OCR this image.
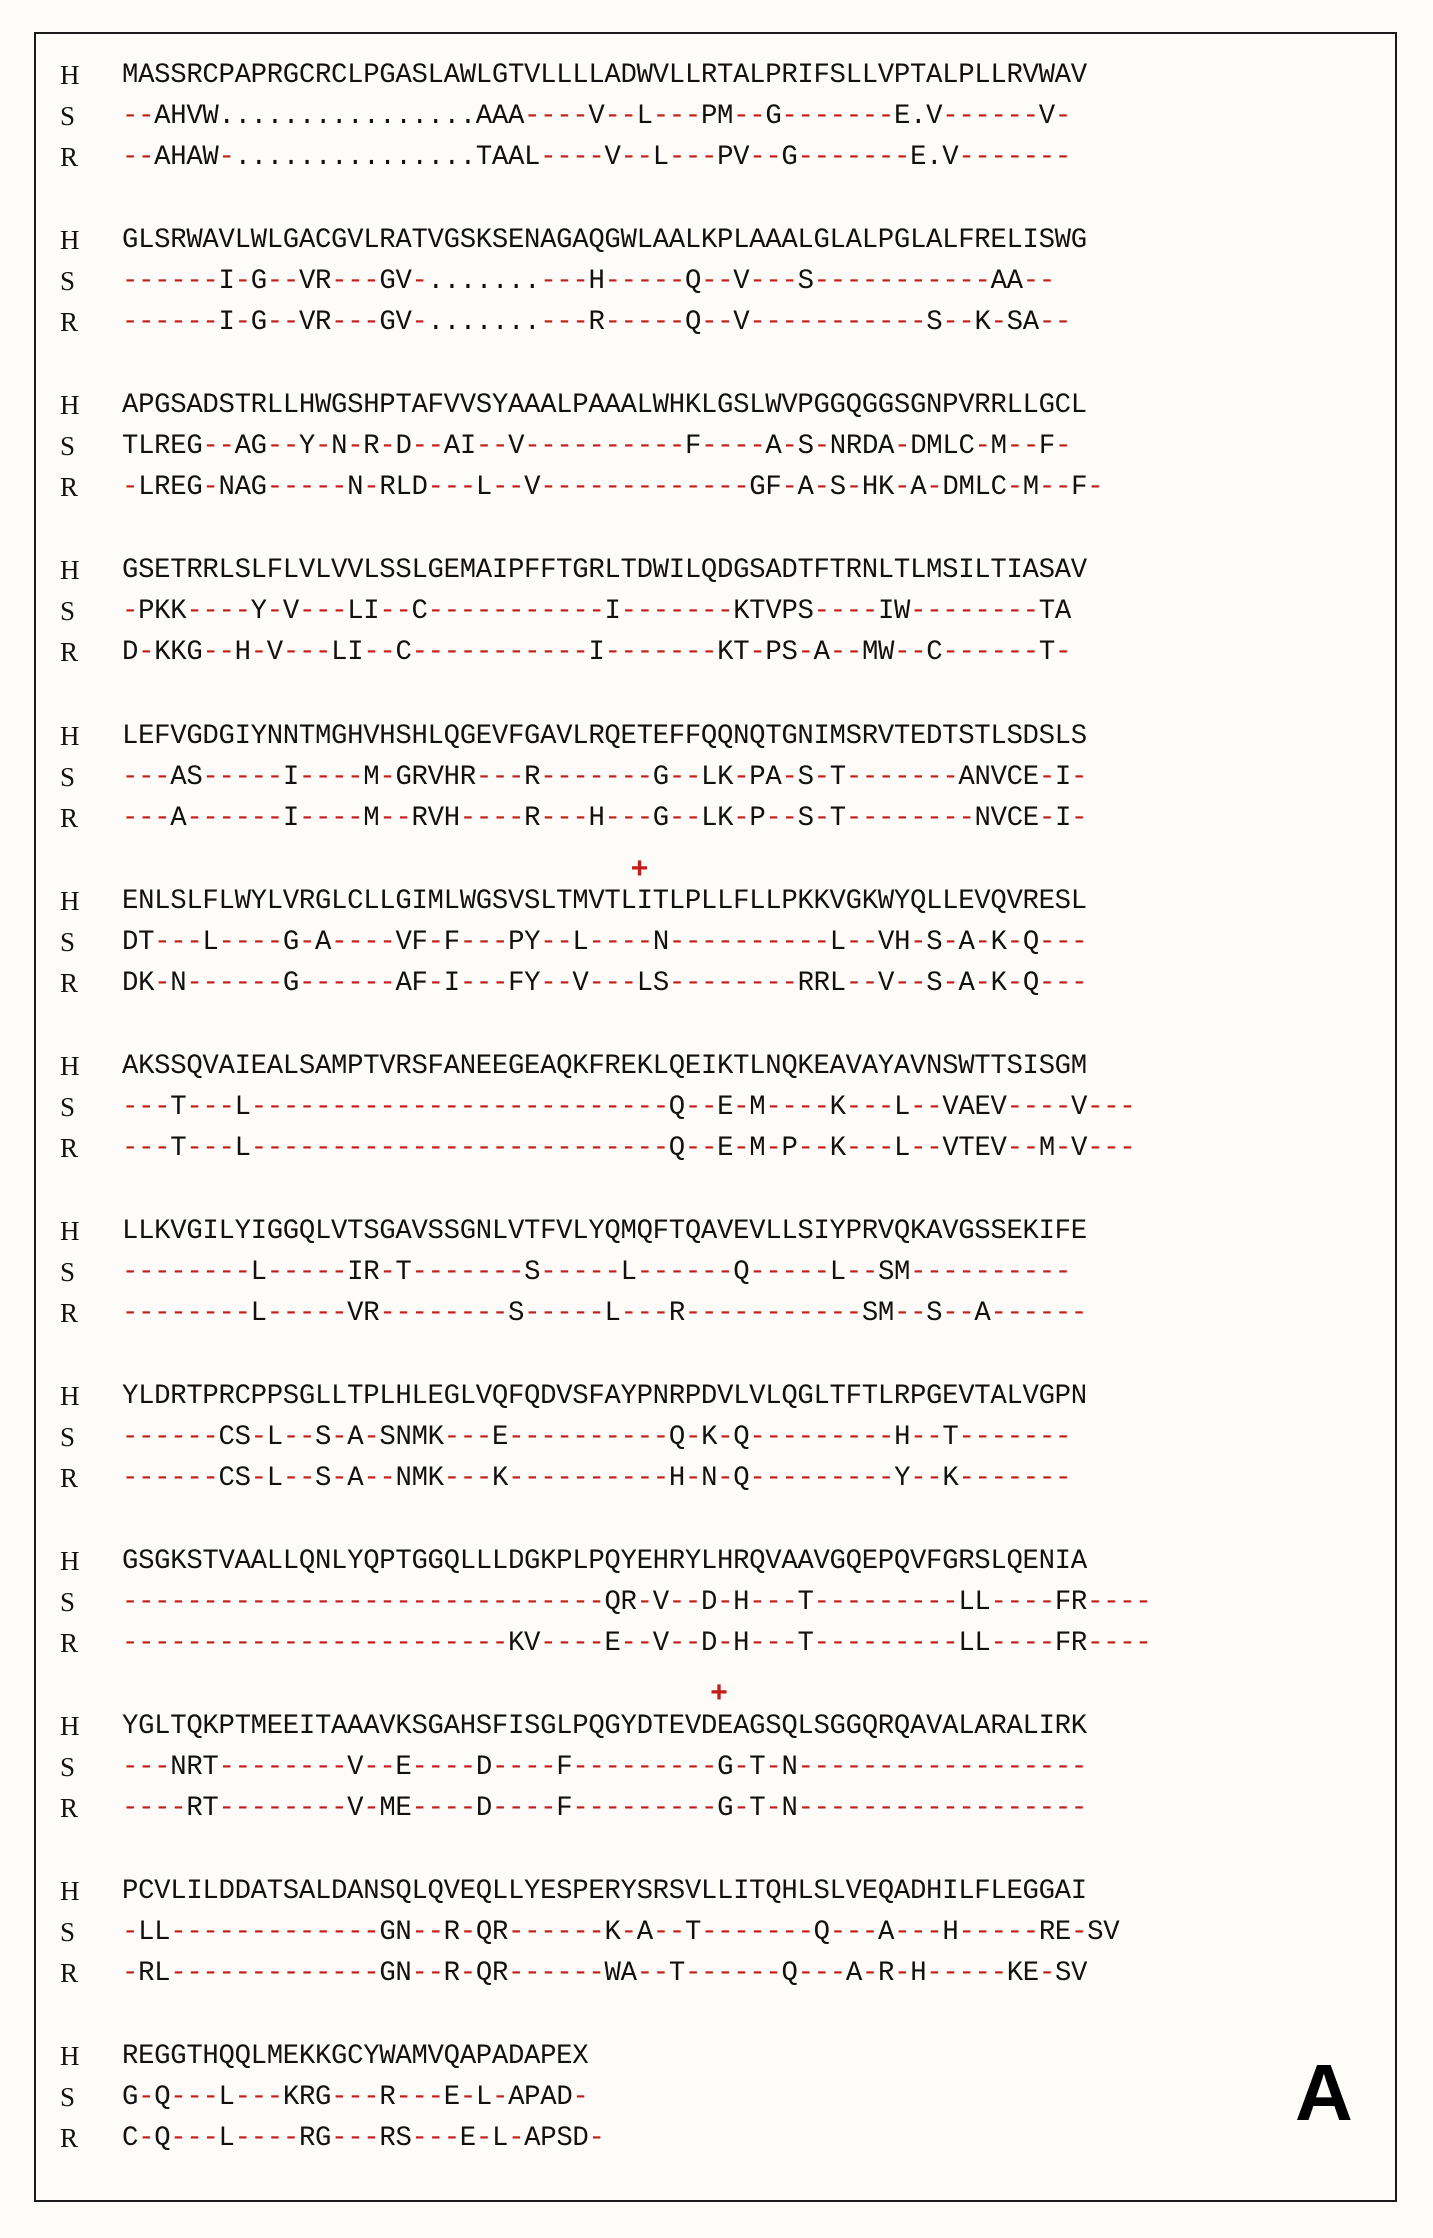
H	MASSRCPAPRGCRCLPGASLAWLGTVLLLLADWVLLRTALPRIFSLLVPTALPLLRVWAV
S	--AHVW................AAA----V--L---PM--G-------E.V------V-
R	--AHAW-...............TAAL----V--L---PV--G-------E.V-------
H	GLSRWAVLWLGACGVLRATVGSKSENAGAQGWLAALKPLAAALGLALPGLALFRELISWG
S	------I-G--VR---GV-.......---H-----Q--V---S-----------AA--
R	------I-G--VR---GV-.......---R-----Q--V-----------S--K-SA--
H	APGSADSTRLLHWGSHPTAFVVSYAAALPAAALWHKLGSLWVPGGQGGSGNPVRRLLGCL
S	TLREG--AG--Y-N-R-D--AI--V----------F----A-S-NRDA-DMLC-M--F-
R	-LREG-NAG-----N-RLD---L--V-------------GF-A-S-HK-A-DMLC-M--F-
H	GSETRRLSLFLVLVVLSSLGEMAIPFFTGRLTDWILQDGSADTFTRNLTLMSILTIASAV
S	-PKK----Y-V---LI--C-----------I-------KTVPS----IW--------TA
R	D-KKG--H-V---LI--C-----------I-------KT-PS-A--MW--C------T-
H	LEFVGDGIYNNTMGHVHSHLQGEVFGAVLRQETEFFQQNQTGNIMSRVTEDTSTLSDSLS
S	---AS-----I----M-GRVHR---R-------G--LK-PA-S-T-------ANVCE-I-
R	---A------I----M--RVH----R---H---G--LK-P--S-T--------NVCE-I-
+
H	ENLSLFLWYLVRGLCLLGIMLWGSVSLTMVTLITLPLLFLLPKKVGKWYQLLEVQVRESL
S	DT---L----G-A----VF-F---PY--L----N----------L--VH-S-A-K-Q---
R	DK-N------G------AF-I---FY--V---LS--------RRL--V--S-A-K-Q---
H	AKSSQVAIEALSAMPTVRSFANEEGEAQKFREKLQEIKTLNQKEAVAYAVNSWTTSISGM
S	---T---L--------------------------Q--E-M----K---L--VAEV----V---
R	---T---L--------------------------Q--E-M-P--K---L--VTEV--M-V---
H	LLKVGILYIGGQLVTSGAVSSGNLVTFVLYQMQFTQAVEVLLSIYPRVQKAVGSSEKIFE
S	--------L-----IR-T-------S-----L------Q-----L--SM----------
R	--------L-----VR--------S-----L---R-----------SM--S--A------
H	YLDRTPRCPPSGLLTPLHLEGLVQFQDVSFAYPNRPDVLVLQGLTFTLRPGEVTALVGPN
S	------CS-L--S-A-SNMK---E----------Q-K-Q---------H--T-------
R	------CS-L--S-A--NMK---K----------H-N-Q---------Y--K-------
H	GSGKSTVAALLQNLYQPTGGQLLLDGKPLPQYEHRYLHRQVAAVGQEPQVFGRSLQENIA
S	------------------------------QR-V--D-H---T---------LL----FR----
R	------------------------KV----E--V--D-H---T---------LL----FR----
+
H	YGLTQKPTMEEITAAAVKSGAHSFISGLPQGYDTEVDEAGSQLSGGQRQAVALARALIRK
S	---NRT--------V--E----D----F---------G-T-N------------------
R	----RT--------V-ME----D----F---------G-T-N------------------
H	PCVLILDDATSALDANSQLQVEQLLYESPERYSRSVLLITQHLSLVEQADHILFLEGGAI
S	-LL-------------GN--R-QR------K-A--T-------Q---A---H-----RE-SV
R	-RL-------------GN--R-QR------WA--T------Q---A-R-H-----KE-SV
H	REGGTHQQLMEKKGCYWAMVQAPADAPEX
S	G-Q---L---KRG---R---E-L-APAD-
R	C-Q---L----RG---RS---E-L-APSD-
A
